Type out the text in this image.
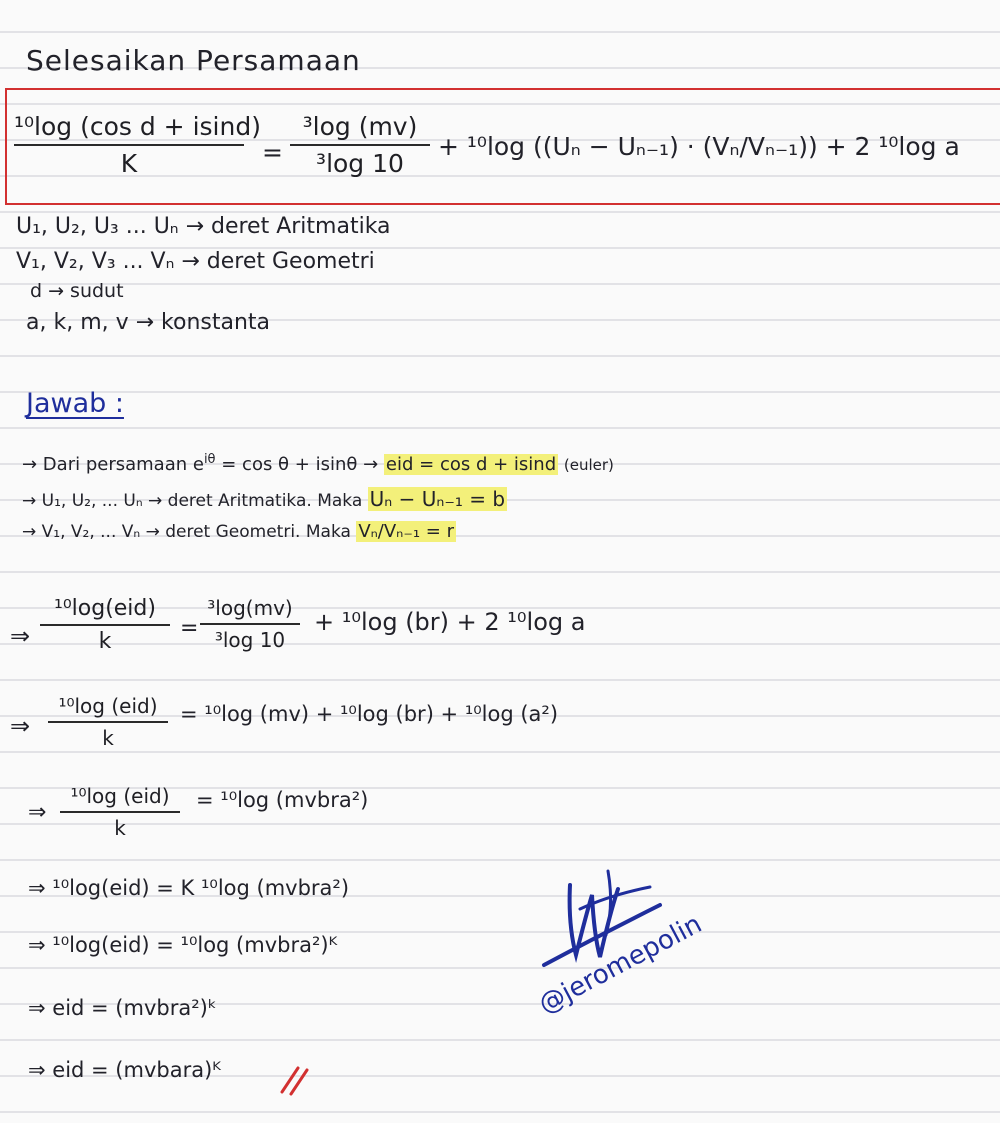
Selesaikan Persamaan
¹⁰log (cos d + isind)
K	=
³log (mv)
³log 10
+ ¹⁰log ((Uₙ − Uₙ₋₁) · (Vₙ/Vₙ₋₁)) + 2 ¹⁰log a
U₁, U₂, U₃ ... Uₙ → deret Aritmatika
V₁, V₂, V₃ ... Vₙ → deret Geometri
d → sudut
a, k, m, v → konstanta
Jawab :
→ Dari persamaan $e^{i\theta} = \cos \theta + isin\theta$ → eid = cos d + isind (euler)
→ U₁, U₂, ... Uₙ → deret Aritmatika. Maka Uₙ − Uₙ₋₁ = b
→ V₁, V₂, ... Vₙ → deret Geometri. Maka Vₙ/Vₙ₋₁ = r
⇒
¹⁰log(eid)
k
=
³log(mv)
³log 10
+ ¹⁰log (br) + 2 ¹⁰log a
⇒
¹⁰log (eid)
k
= ¹⁰log (mv) + ¹⁰log (br) + ¹⁰log (a²)
⇒
¹⁰log (eid)
k
= ¹⁰log (mvbra²)
⇒ ¹⁰log(eid) = K ¹⁰log (mvbra²)
⇒ ¹⁰log(eid) = ¹⁰log (mvbra²)ᴷ
⇒ eid = (mvbra²)ᵏ
⇒ eid = (mvbara)ᴷ
@jeromepolin
